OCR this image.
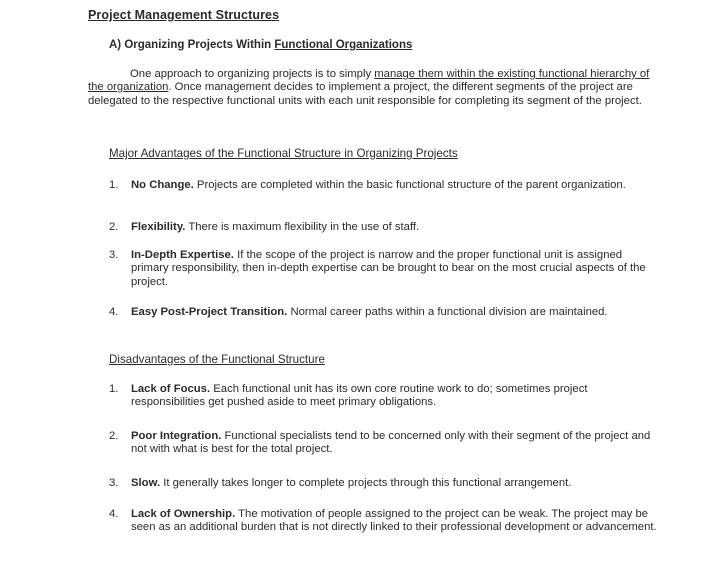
Project Management Structures
A) Organizing Projects Within Functional Organizations

One approach to organizing projects is to simply manage them within the existing functional hierarchy of the organization. Once management decides to implement a project, the different segments of the project are delegated to the respective functional units with each unit responsible for completing its segment of the project.

Major Advantages of the Functional Structure in Organizing Projects
1. No Change. Projects are completed within the basic functional structure of the parent organization.
2. Flexibility. There is maximum flexibility in the use of staff.
3. In-Depth Expertise. If the scope of the project is narrow and the proper functional unit is assigned primary responsibility, then in-depth expertise can be brought to bear on the most crucial aspects of the project.
4. Easy Post-Project Transition. Normal career paths within a functional division are maintained.
Disadvantages of the Functional Structure
1. Lack of Focus. Each functional unit has its own core routine work to do; sometimes project responsibilities get pushed aside to meet primary obligations.
2. Poor Integration. Functional specialists tend to be concerned only with their segment of the project and not with what is best for the total project.
3. Slow. It generally takes longer to complete projects through this functional arrangement.
4. Lack of Ownership. The motivation of people assigned to the project can be weak. The project may be seen as an additional burden that is not directly linked to their professional development or advancement.
